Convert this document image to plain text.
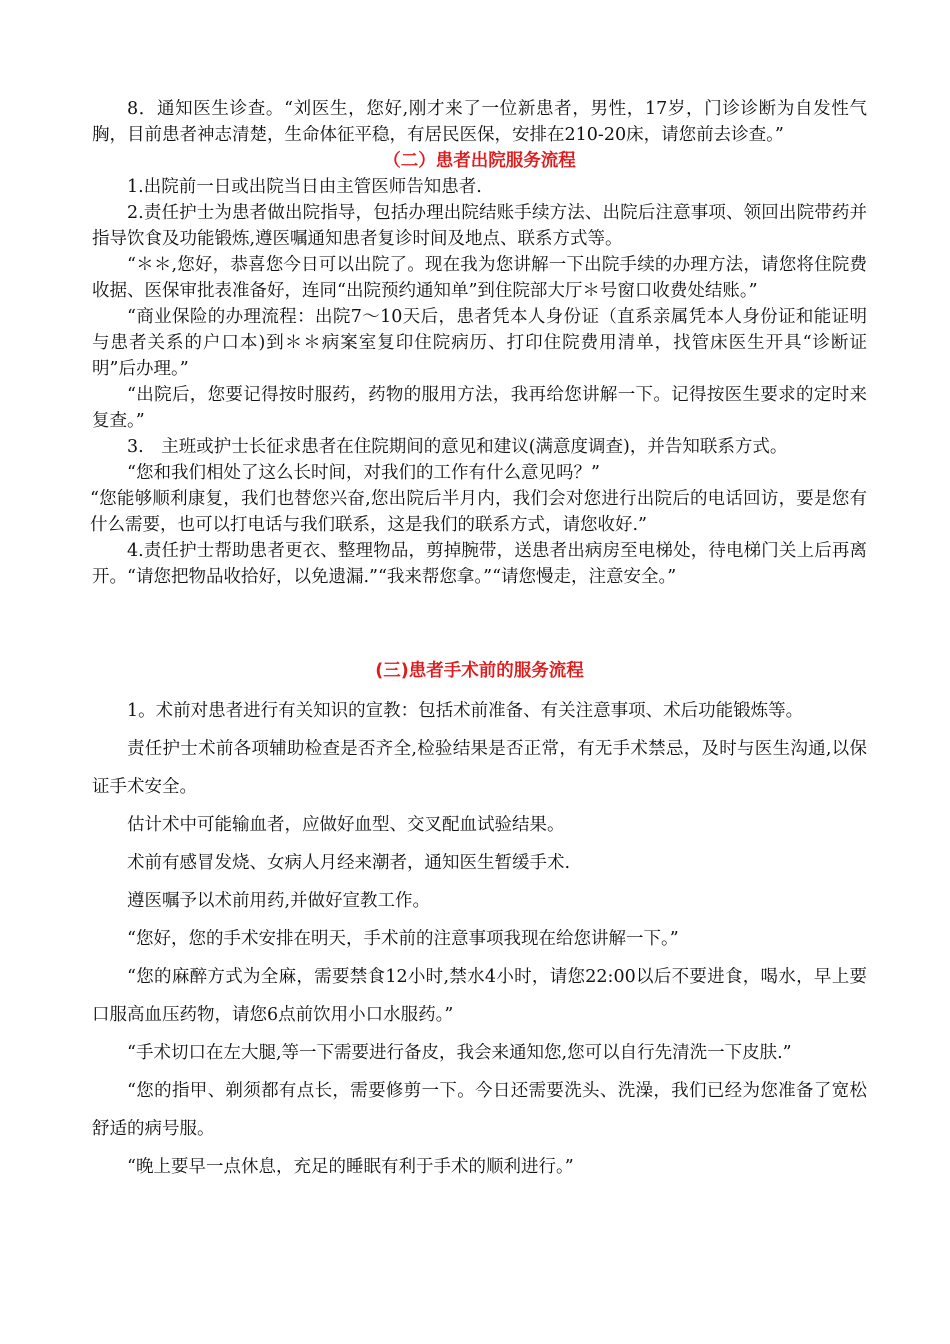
8．通知医生诊查。“刘医生，您好,刚才来了一位新患者，男性，17岁，门诊诊断为自发性气胸，目前患者神志清楚，生命体征平稳，有居民医保，安排在210-20床，请您前去诊查。”

（二）患者出院服务流程

1.出院前一日或出院当日由主管医师告知患者.

2.责任护士为患者做出院指导，包括办理出院结账手续方法、出院后注意事项、领回出院带药并指导饮食及功能锻炼,遵医嘱通知患者复诊时间及地点、联系方式等。

“＊＊,您好，恭喜您今日可以出院了。现在我为您讲解一下出院手续的办理方法，请您将住院费收据、医保审批表准备好，连同“出院预约通知单”到住院部大厅＊号窗口收费处结账。”

“商业保险的办理流程：出院7～10天后，患者凭本人身份证（直系亲属凭本人身份证和能证明与患者关系的户口本)到＊＊病案室复印住院病历、打印住院费用清单，找管床医生开具“诊断证明”后办理。”

“出院后，您要记得按时服药，药物的服用方法，我再给您讲解一下。记得按医生要求的定时来复查。”

3.　主班或护士长征求患者在住院期间的意见和建议(满意度调查)，并告知联系方式。

“您和我们相处了这么长时间，对我们的工作有什么意见吗？”

“您能够顺利康复，我们也替您兴奋,您出院后半月内，我们会对您进行出院后的电话回访，要是您有什么需要，也可以打电话与我们联系，这是我们的联系方式，请您收好.”

4.责任护士帮助患者更衣、整理物品，剪掉腕带，送患者出病房至电梯处，待电梯门关上后再离开。“请您把物品收拾好，以免遗漏.”“我来帮您拿。”“请您慢走，注意安全。”

(三)患者手术前的服务流程

1。术前对患者进行有关知识的宣教：包括术前准备、有关注意事项、术后功能锻炼等。

责任护士术前各项辅助检查是否齐全,检验结果是否正常，有无手术禁忌，及时与医生沟通,以保证手术安全。

估计术中可能输血者，应做好血型、交叉配血试验结果。

术前有感冒发烧、女病人月经来潮者，通知医生暂缓手术.

遵医嘱予以术前用药,并做好宣教工作。

“您好，您的手术安排在明天，手术前的注意事项我现在给您讲解一下。”

“您的麻醉方式为全麻，需要禁食12小时,禁水4小时，请您22:00以后不要进食，喝水，早上要口服高血压药物，请您6点前饮用小口水服药。”

“手术切口在左大腿,等一下需要进行备皮，我会来通知您,您可以自行先清洗一下皮肤.”

“您的指甲、剃须都有点长，需要修剪一下。今日还需要洗头、洗澡，我们已经为您准备了宽松舒适的病号服。

“晚上要早一点休息，充足的睡眠有利于手术的顺利进行。”
